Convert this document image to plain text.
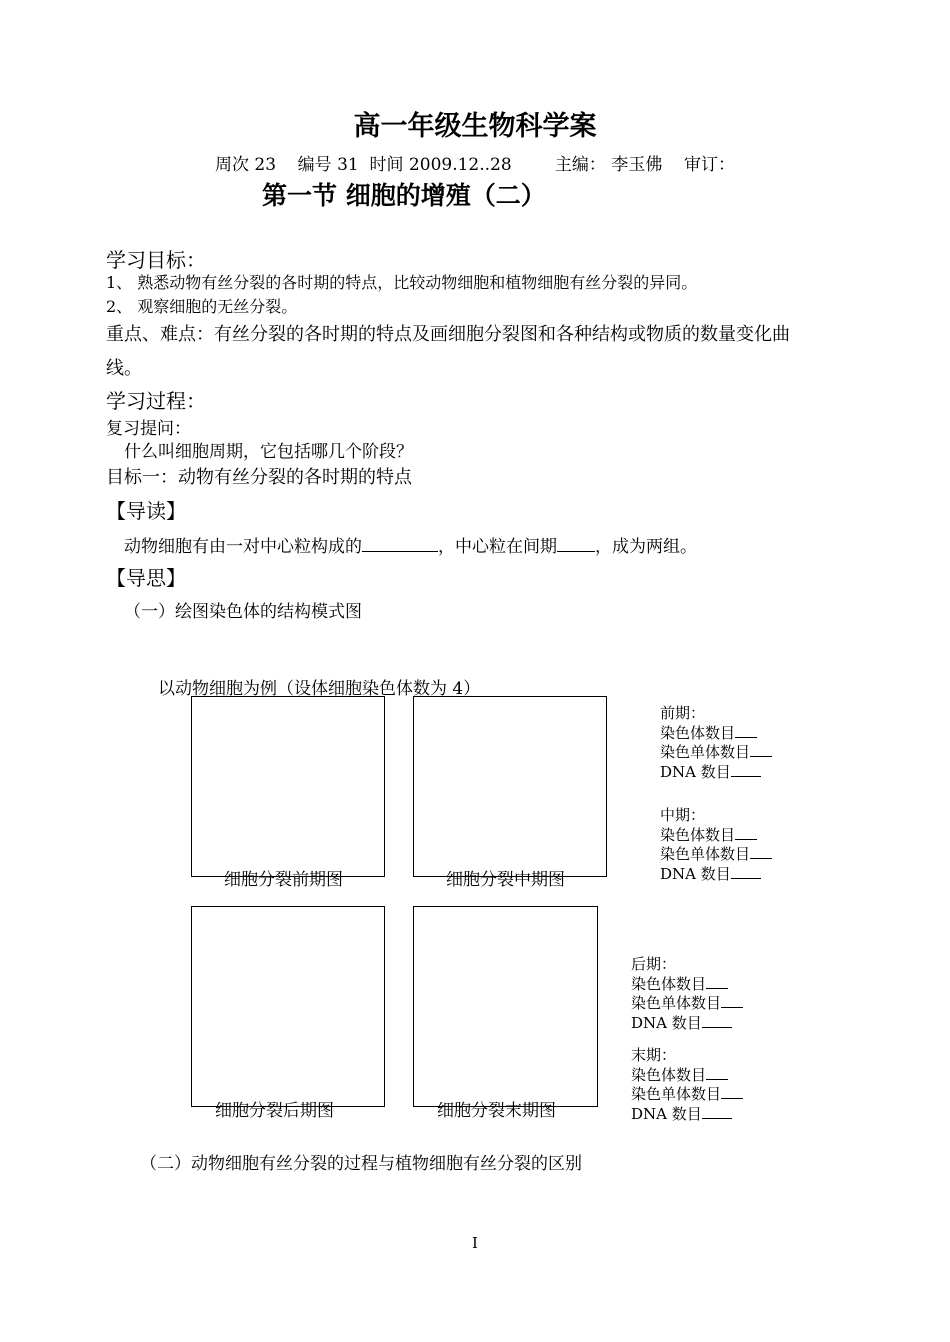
高一年级生物科学案
周次 23 编号 31 时间 2009.12..28	主编： 李玉佛 审订：
第一节 细胞的增殖（二）
学习目标：
1、 熟悉动物有丝分裂的各时期的特点，比较动物细胞和植物细胞有丝分裂的异同。
2、 观察细胞的无丝分裂。
重点、难点：有丝分裂的各时期的特点及画细胞分裂图和各种结构或物质的数量变化曲
线。
学习过程：
复习提问：
什么叫细胞周期，它包括哪几个阶段？
目标一：动物有丝分裂的各时期的特点
【导读】
动物细胞有由一对中心粒构成的	，中心粒在间期 ，成为两组。
【导思】
（一）绘图染色体的结构模式图
以动物细胞为例（设体细胞染色体数为 4）
细胞分裂前期图	细胞分裂中期图
细胞分裂后期图	细胞分裂末期图
前期：
染色体数目
染色单体数目
DNA 数目
中期：
染色体数目
染色单体数目
DNA 数目
后期：
染色体数目
染色单体数目
DNA 数目
末期：
染色体数目
染色单体数目
DNA 数目
（二）动物细胞有丝分裂的过程与植物细胞有丝分裂的区别
I
